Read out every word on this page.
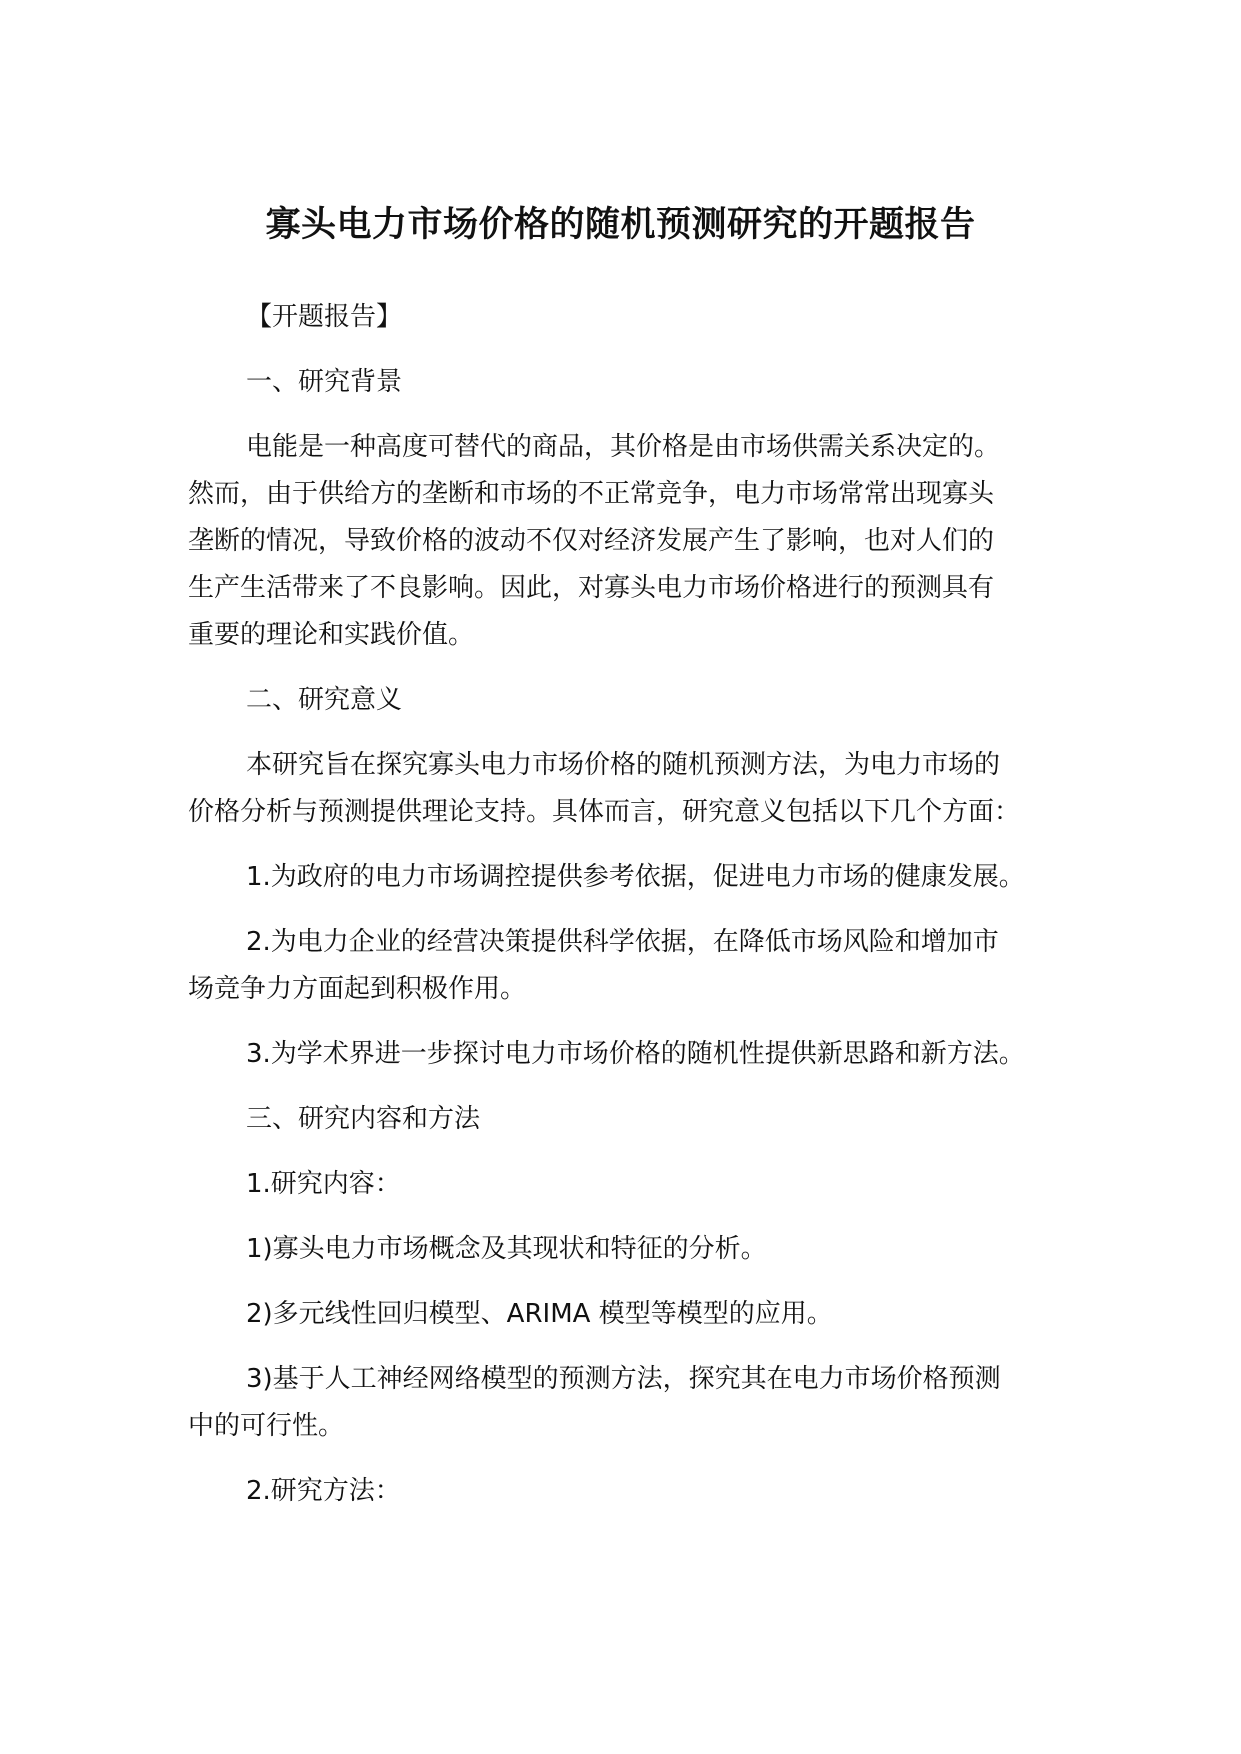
寡头电力市场价格的随机预测研究的开题报告

【开题报告】

一、研究背景

电能是一种高度可替代的商品，其价格是由市场供需关系决定的。
然而，由于供给方的垄断和市场的不正常竞争，电力市场常常出现寡头
垄断的情况，导致价格的波动不仅对经济发展产生了影响，也对人们的
生产生活带来了不良影响。因此，对寡头电力市场价格进行的预测具有
重要的理论和实践价值。

二、研究意义

本研究旨在探究寡头电力市场价格的随机预测方法，为电力市场的
价格分析与预测提供理论支持。具体而言，研究意义包括以下几个方面：

1.为政府的电力市场调控提供参考依据，促进电力市场的健康发展。

2.为电力企业的经营决策提供科学依据，在降低市场风险和增加市
场竞争力方面起到积极作用。

3.为学术界进一步探讨电力市场价格的随机性提供新思路和新方法。

三、研究内容和方法

1.研究内容：

1)寡头电力市场概念及其现状和特征的分析。

2)多元线性回归模型、ARIMA 模型等模型的应用。

3)基于人工神经网络模型的预测方法，探究其在电力市场价格预测
中的可行性。

2.研究方法：
